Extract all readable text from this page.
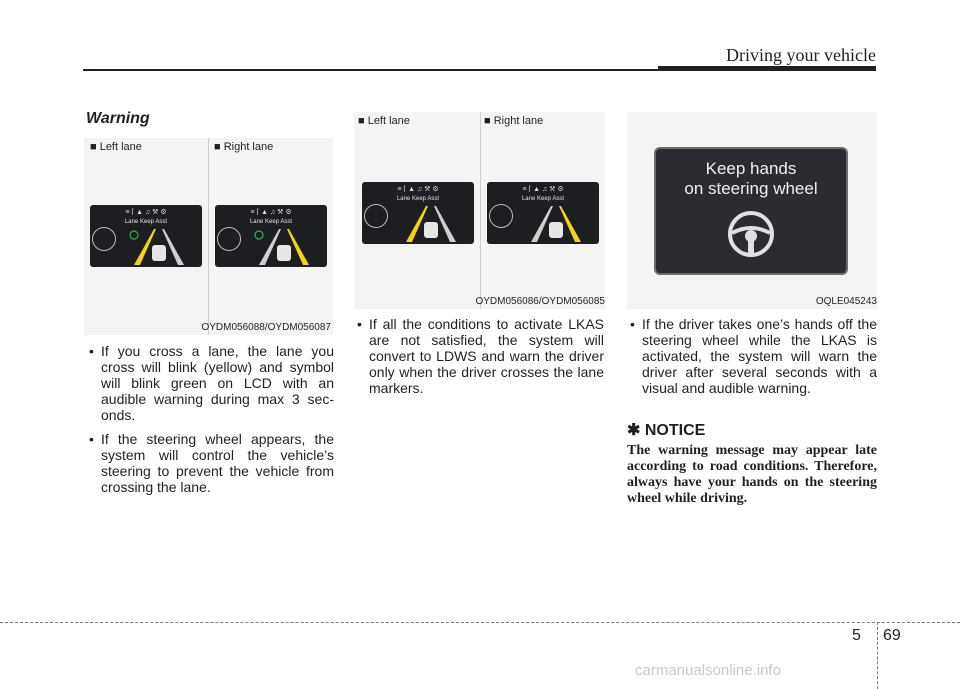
Driving your vehicle
Warning
■ Left lane	■ Right lane
≡ ⌈ ▲ ♫ ⚒ ⚙
Lane Keep Asst
≡ ⌈ ▲ ♫ ⚒ ⚙
Lane Keep Asst
OYDM056088/OYDM056087
• If you cross a lane, the lane you cross will blink (yellow) and symbol will blink green on LCD with an audible warning during max 3 sec-onds.
• If the steering wheel appears, the system will control the vehicle’s steering to prevent the vehicle from crossing the lane.
■ Left lane	■ Right lane
≡ ⌈ ▲ ♫ ⚒ ⚙
Lane Keep Asst
≡ ⌈ ▲ ♫ ⚒ ⚙
Lane Keep Asst
OYDM056086/OYDM056085
• If all the conditions to activate LKAS are not satisfied, the system will convert to LDWS and warn the driver only when the driver crosses the lane markers.
Keep hands
on steering wheel
OQLE045243
• If the driver takes one’s hands off the steering wheel while the LKAS is activated, the system will warn the driver after several seconds with a visual and audible warning.
✱ NOTICE
The warning message may appear late according to road conditions. Therefore, always have your hands on the steering wheel while driving.
5 69
carmanualsonline.info
